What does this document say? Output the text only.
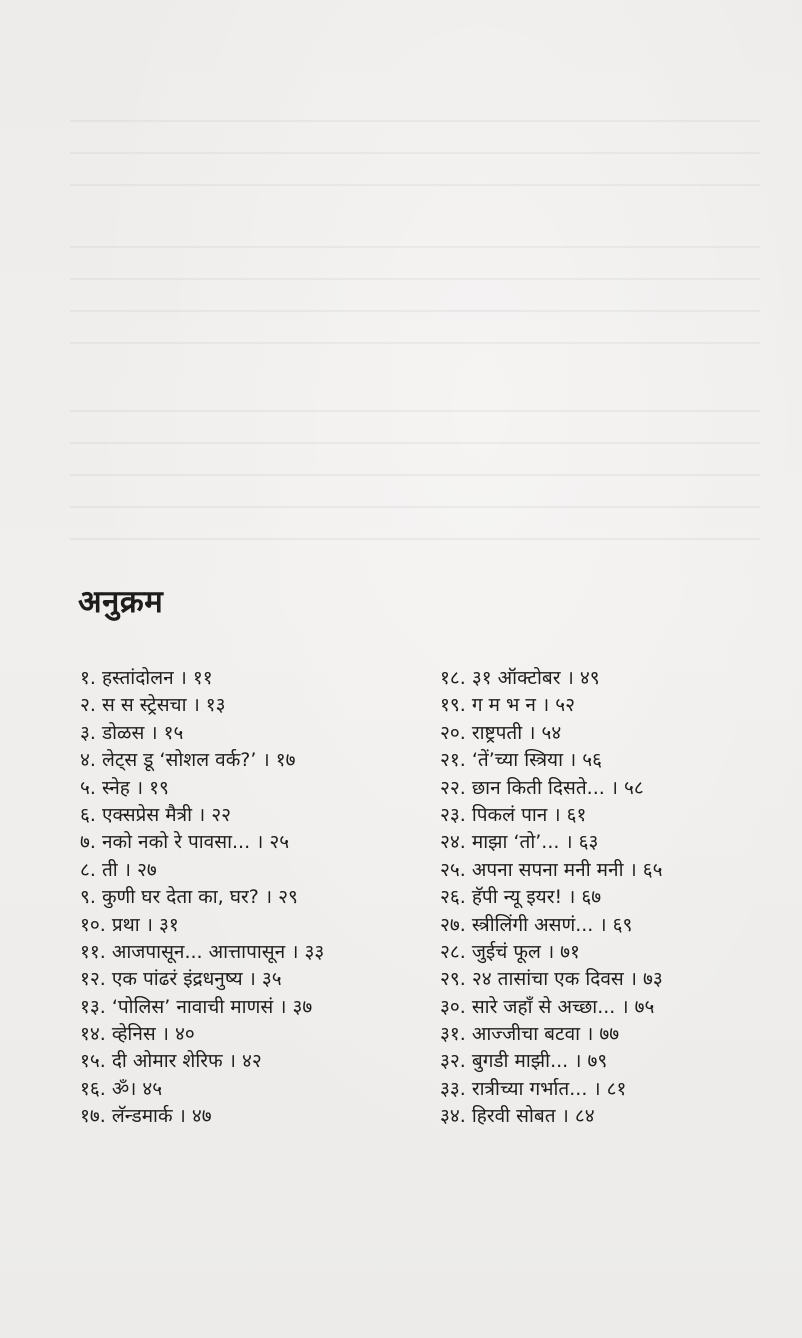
अनुक्रम
१. हस्तांदोलन । ११
२. स स स्ट्रेसचा । १३
३. डोळस । १५
४. लेट्स डू ‘सोशल वर्क?’ । १७
५. स्नेह । १९
६. एक्सप्रेस मैत्री । २२
७. नको नको रे पावसा... । २५
८. ती । २७
९. कुणी घर देता का, घर? । २९
१०. प्रथा । ३१
११. आजपासून... आत्तापासून । ३३
१२. एक पांढरं इंद्रधनुष्य । ३५
१३. ‘पोलिस’ नावाची माणसं । ३७
१४. व्हेनिस । ४०
१५. दी ओमार शेरिफ । ४२
१६. ॐ। ४५
१७. लॅन्डमार्क । ४७
१८. ३१ ऑक्टोबर । ४९
१९. ग म भ न । ५२
२०. राष्ट्रपती । ५४
२१. ‘तें’च्या स्त्रिया । ५६
२२. छान किती दिसते... । ५८
२३. पिकलं पान । ६१
२४. माझा ‘तो’... । ६३
२५. अपना सपना मनी मनी । ६५
२६. हॅपी न्यू इयर! । ६७
२७. स्त्रीलिंगी असणं... । ६९
२८. जुईचं फूल । ७१
२९. २४ तासांचा एक दिवस । ७३
३०. सारे जहाँ से अच्छा... । ७५
३१. आज्जीचा बटवा । ७७
३२. बुगडी माझी... । ७९
३३. रात्रीच्या गर्भात... । ८१
३४. हिरवी सोबत । ८४
